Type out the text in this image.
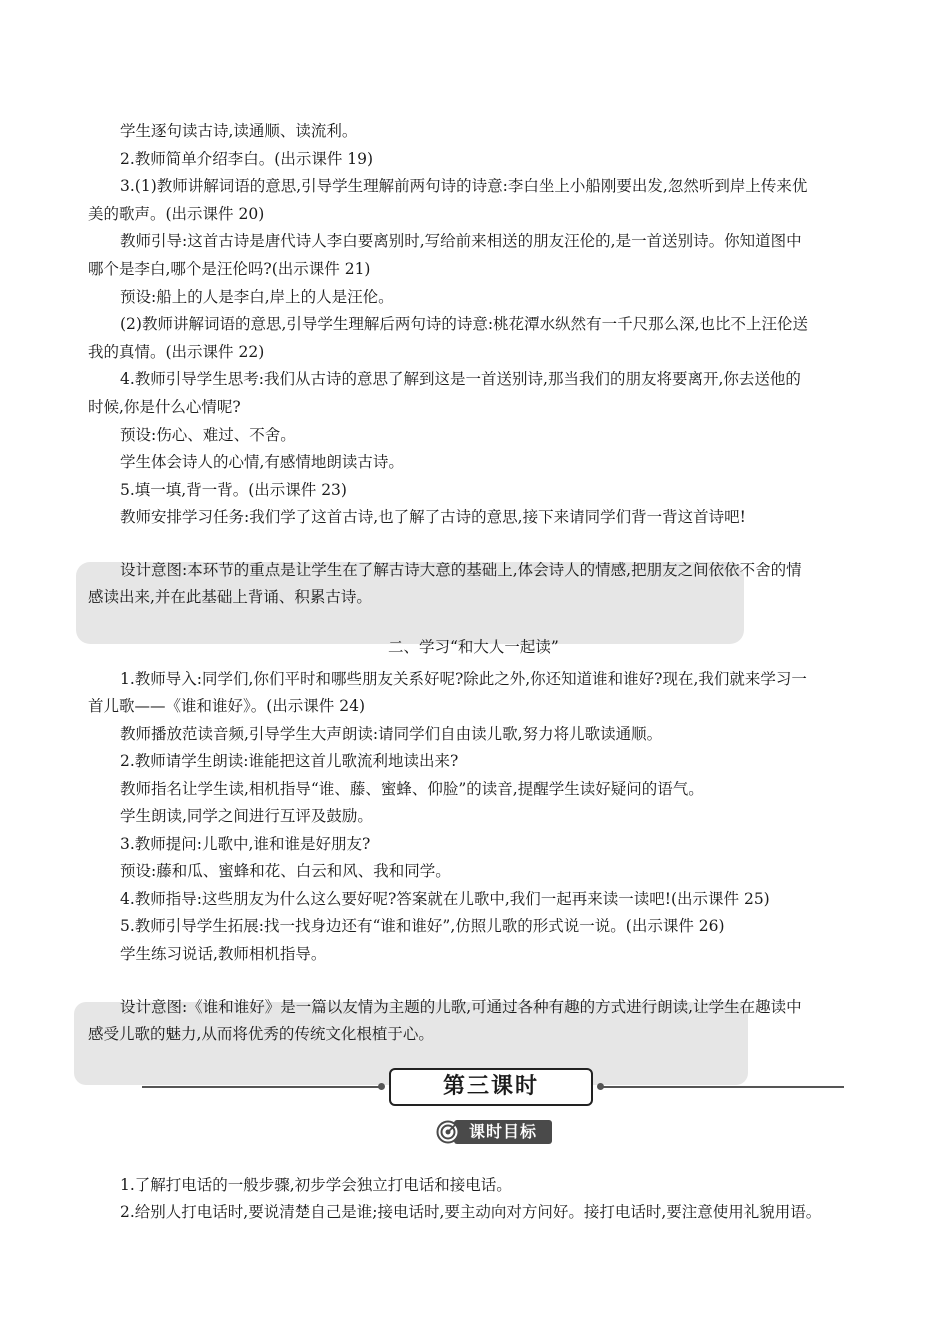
学生逐句读古诗,读通顺、读流利。
2.教师简单介绍李白。(出示课件 19)
3.(1)教师讲解词语的意思,引导学生理解前两句诗的诗意:李白坐上小船刚要出发,忽然听到岸上传来优
美的歌声。(出示课件 20)
教师引导:这首古诗是唐代诗人李白要离别时,写给前来相送的朋友汪伦的,是一首送别诗。你知道图中
哪个是李白,哪个是汪伦吗?(出示课件 21)
预设:船上的人是李白,岸上的人是汪伦。
(2)教师讲解词语的意思,引导学生理解后两句诗的诗意:桃花潭水纵然有一千尺那么深,也比不上汪伦送
我的真情。(出示课件 22)
4.教师引导学生思考:我们从古诗的意思了解到这是一首送别诗,那当我们的朋友将要离开,你去送他的
时候,你是什么心情呢?
预设:伤心、难过、不舍。
学生体会诗人的心情,有感情地朗读古诗。
5.填一填,背一背。(出示课件 23)
教师安排学习任务:我们学了这首古诗,也了解了古诗的意思,接下来请同学们背一背这首诗吧!
设计意图:本环节的重点是让学生在了解古诗大意的基础上,体会诗人的情感,把朋友之间依依不舍的情
感读出来,并在此基础上背诵、积累古诗。
二、学习“和大人一起读”
1.教师导入:同学们,你们平时和哪些朋友关系好呢?除此之外,你还知道谁和谁好?现在,我们就来学习一
首儿歌——《谁和谁好》。(出示课件 24)
教师播放范读音频,引导学生大声朗读:请同学们自由读儿歌,努力将儿歌读通顺。
2.教师请学生朗读:谁能把这首儿歌流利地读出来?
教师指名让学生读,相机指导“谁、藤、蜜蜂、仰脸”的读音,提醒学生读好疑问的语气。
学生朗读,同学之间进行互评及鼓励。
3.教师提问:儿歌中,谁和谁是好朋友?
预设:藤和瓜、蜜蜂和花、白云和风、我和同学。
4.教师指导:这些朋友为什么这么要好呢?答案就在儿歌中,我们一起再来读一读吧!(出示课件 25)
5.教师引导学生拓展:找一找身边还有“谁和谁好”,仿照儿歌的形式说一说。(出示课件 26)
学生练习说话,教师相机指导。
设计意图:《谁和谁好》是一篇以友情为主题的儿歌,可通过各种有趣的方式进行朗读,让学生在趣读中
感受儿歌的魅力,从而将优秀的传统文化根植于心。
第三课时
课时目标
1.了解打电话的一般步骤,初步学会独立打电话和接电话。
2.给别人打电话时,要说清楚自己是谁;接电话时,要主动向对方问好。接打电话时,要注意使用礼貌用语。
